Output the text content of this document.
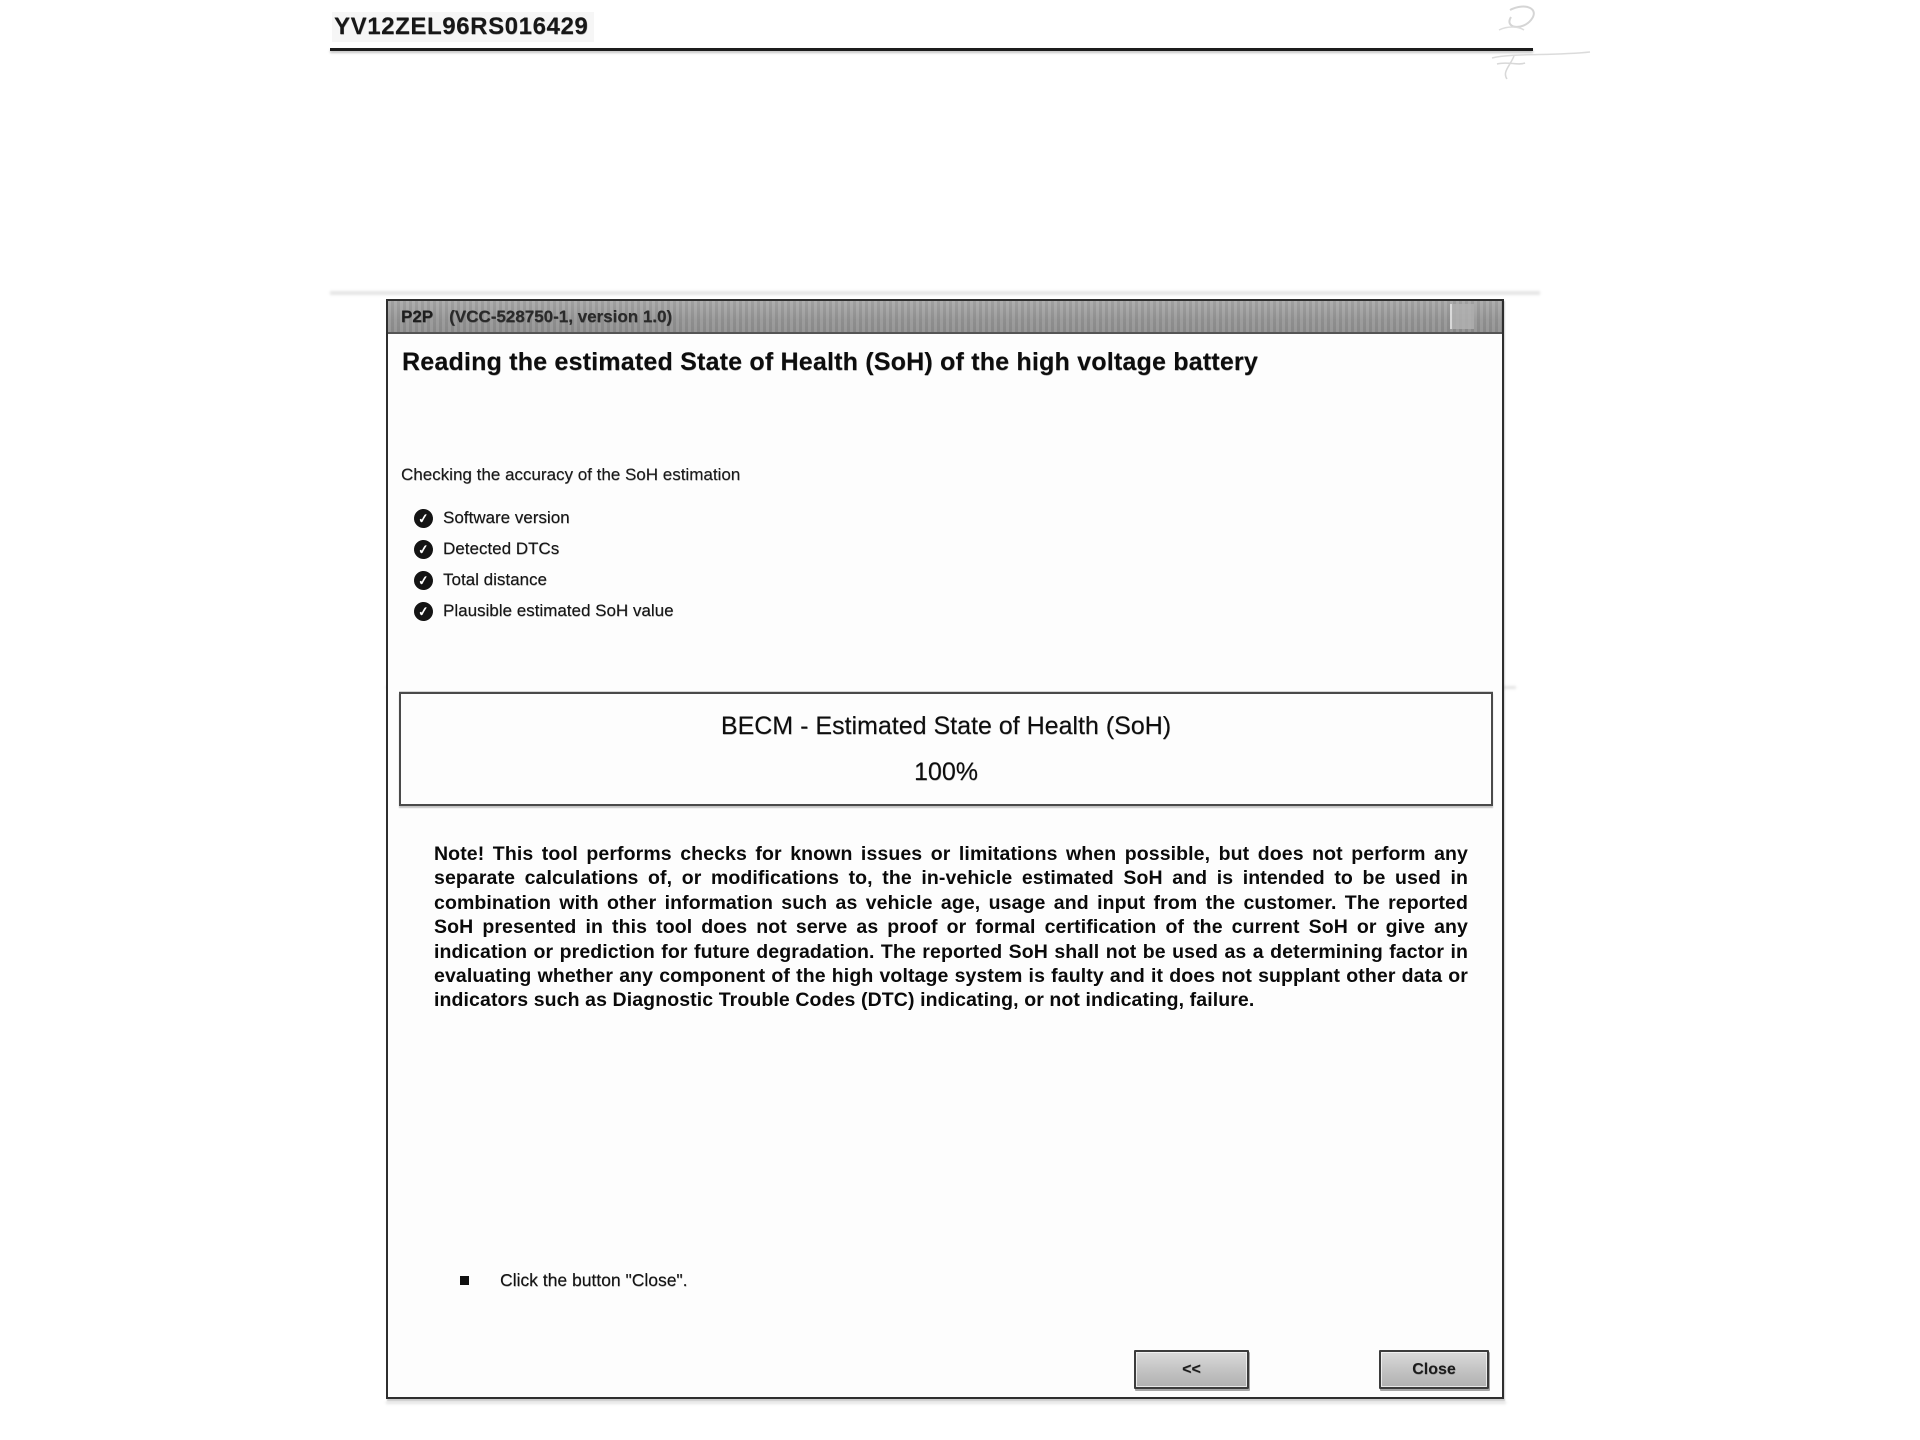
YV12ZEL96RS016429
P2P (VCC-528750-1, version 1.0)
Reading the estimated State of Health (SoH) of the high voltage battery
Checking the accuracy of the SoH estimation
✓ Software version
✓ Detected DTCs
✓ Total distance
✓ Plausible estimated SoH value
BECM - Estimated State of Health (SoH)
100%
Note! This tool performs checks for known issues or limitations when possible, but does not perform any separate calculations of, or modifications to, the in-vehicle estimated SoH and is intended to be used in combination with other information such as vehicle age, usage and input from the customer. The reported SoH presented in this tool does not serve as proof or formal certification of the current SoH or give any indication or prediction for future degradation. The reported SoH shall not be used as a determining factor in evaluating whether any component of the high voltage system is faulty and it does not supplant other data or indicators such as Diagnostic Trouble Codes (DTC) indicating, or not indicating, failure.
Click the button "Close".
<<	Close
